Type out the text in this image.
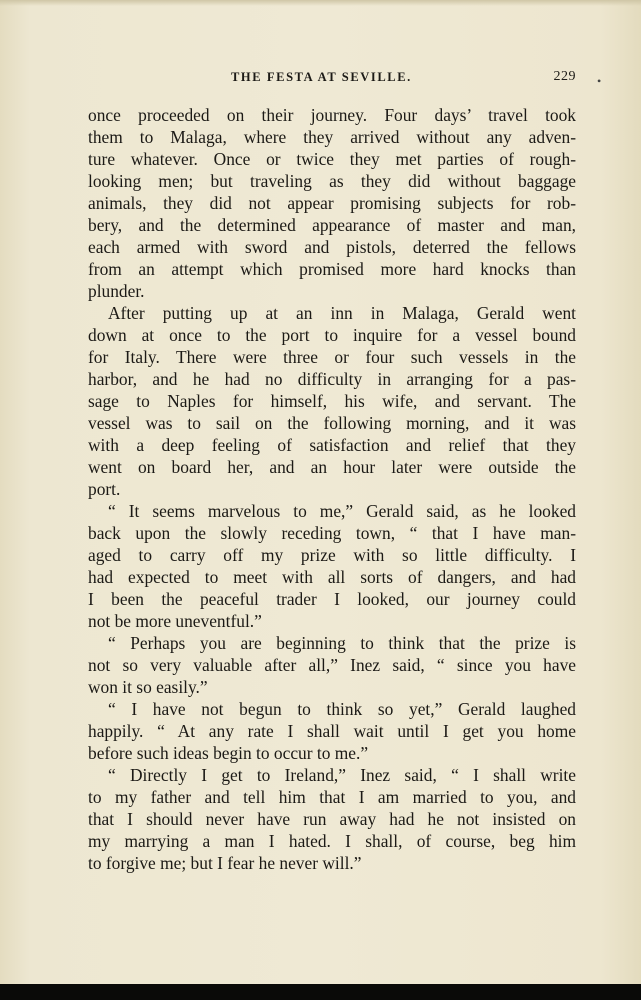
THE FESTA AT SEVILLE.	229 •
once proceeded on their journey. Four days’ travel took
them to Malaga, where they arrived without any adven-
ture whatever. Once or twice they met parties of rough-
looking men; but traveling as they did without baggage
animals, they did not appear promising subjects for rob-
bery, and the determined appearance of master and man,
each armed with sword and pistols, deterred the fellows
from an attempt which promised more hard knocks than
plunder.
After putting up at an inn in Malaga, Gerald went
down at once to the port to inquire for a vessel bound
for Italy. There were three or four such vessels in the
harbor, and he had no difficulty in arranging for a pas-
sage to Naples for himself, his wife, and servant. The
vessel was to sail on the following morning, and it was
with a deep feeling of satisfaction and relief that they
went on board her, and an hour later were outside the
port.
“ It seems marvelous to me,” Gerald said, as he looked
back upon the slowly receding town, “ that I have man-
aged to carry off my prize with so little difficulty. I
had expected to meet with all sorts of dangers, and had
I been the peaceful trader I looked, our journey could
not be more uneventful.”
“ Perhaps you are beginning to think that the prize is
not so very valuable after all,” Inez said, “ since you have
won it so easily.”
“ I have not begun to think so yet,” Gerald laughed
happily. “ At any rate I shall wait until I get you home
before such ideas begin to occur to me.”
“ Directly I get to Ireland,” Inez said, “ I shall write
to my father and tell him that I am married to you, and
that I should never have run away had he not insisted on
my marrying a man I hated. I shall, of course, beg him
to forgive me; but I fear he never will.”
